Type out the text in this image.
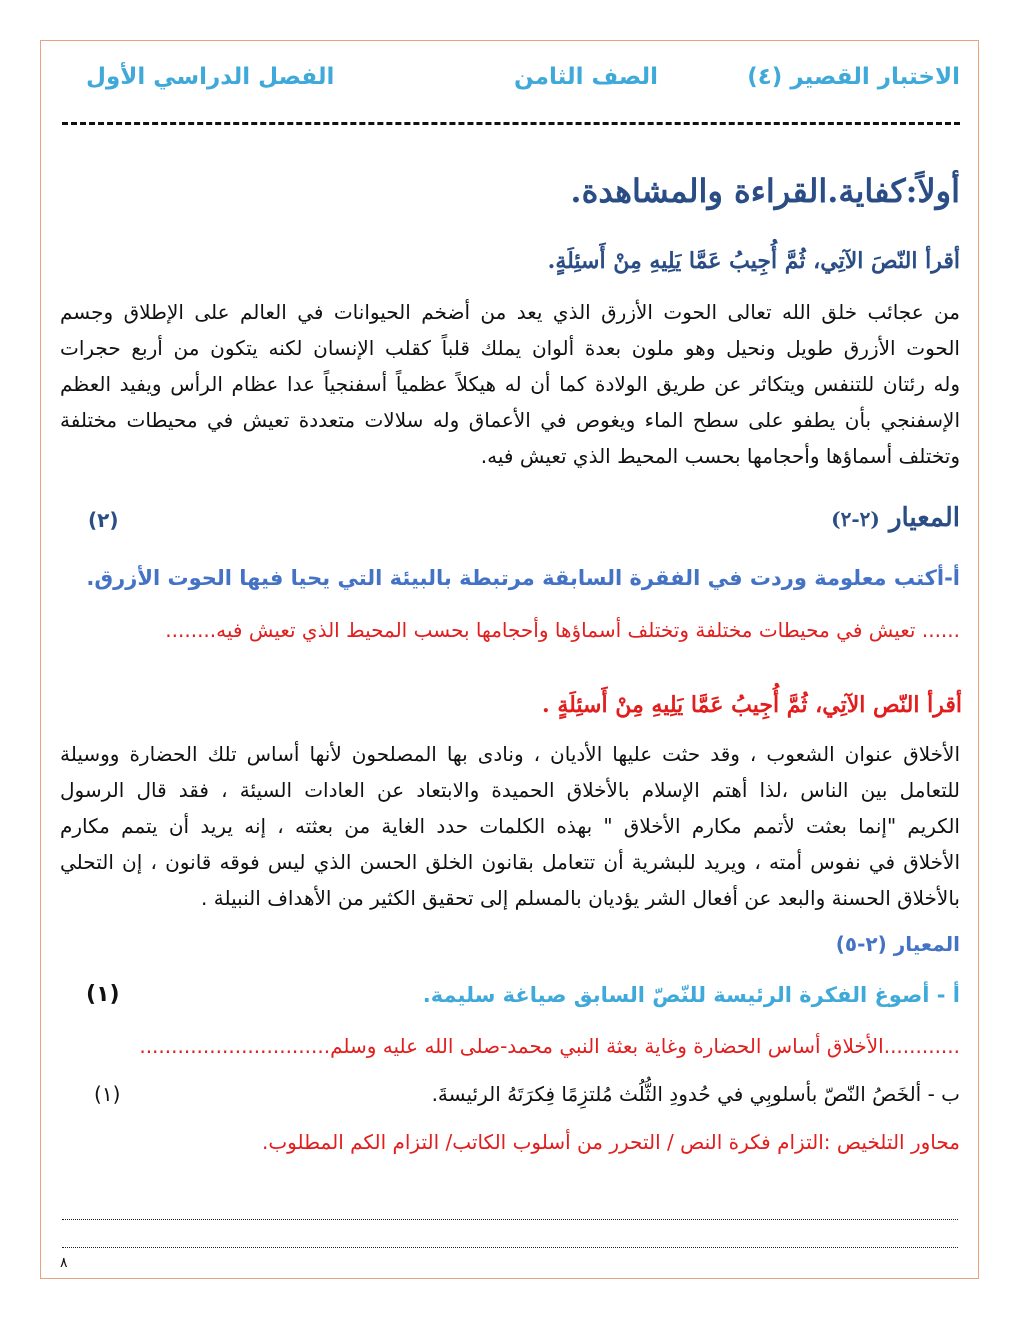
الاختبار القصير (٤)
الصف الثامن
الفصل الدراسي الأول
أولاً:كفاية.القراءة والمشاهدة.
أقرأ النّصَ الآتِي، ثُمَّ أُجِيبُ عَمَّا يَلِيهِ مِنْ أَسئِلَةٍ.
من عجائب خلق الله تعالى الحوت الأزرق الذي يعد من أضخم الحيوانات في العالم على الإطلاق وجسم
الحوت الأزرق طويل ونحيل وهو ملون بعدة ألوان يملك قلباً كقلب الإنسان لكنه يتكون من أربع حجرات
وله رئتان للتنفس ويتكاثر عن طريق الولادة كما أن له هيكلاً عظمياً أسفنجياً عدا عظام الرأس ويفيد العظم
الإسفنجي بأن يطفو على سطح الماء ويغوص في الأعماق وله سلالات متعددة تعيش في محيطات مختلفة
وتختلف أسماؤها وأحجامها بحسب المحيط الذي تعيش فيه.
المعيار (٢-٢)
(٢)
أ-أكتب معلومة وردت في الفقرة السابقة مرتبطة بالبيئة التي يحيا فيها الحوت الأزرق.
...... تعيش في محيطات مختلفة وتختلف أسماؤها وأحجامها بحسب المحيط الذي تعيش فيه........
أقرأ النّص الآتِي، ثُمَّ أُجِيبُ عَمَّا يَلِيهِ مِنْ أَسئِلَةٍ .
الأخلاق عنوان الشعوب ، وقد حثت عليها الأديان ، ونادى بها المصلحون لأنها أساس تلك الحضارة ووسيلة
للتعامل بين الناس ،لذا أهتم الإسلام بالأخلاق الحميدة والابتعاد عن العادات السيئة ، فقد قال الرسول
الكريم "إنما بعثت لأتمم مكارم الأخلاق " بهذه الكلمات حدد الغاية من بعثته ، إنه يريد أن يتمم مكارم
الأخلاق في نفوس أمته ، ويريد للبشرية أن تتعامل بقانون الخلق الحسن الذي ليس فوقه قانون ، إن التحلي
بالأخلاق الحسنة والبعد عن أفعال الشر يؤديان بالمسلم إلى تحقيق الكثير من الأهداف النبيلة .
المعيار (٢-٥)
أ - أصوغ الفكرة الرئيسة للنّصّ السابق صياغة سليمة.
(١)
............الأخلاق أساس الحضارة وغاية بعثة النبي محمد-صلى الله عليه وسلم..............................
ب - ألخَصُ النّصّ بأسلوبِي في حُدودِ الثُّلُث مُلتزِمًا فِكرَتَهُ الرئيسةَ.
(١)
محاور التلخيص :التزام فكرة النص / التحرر من أسلوب الكاتب/ التزام الكم المطلوب.
٨
